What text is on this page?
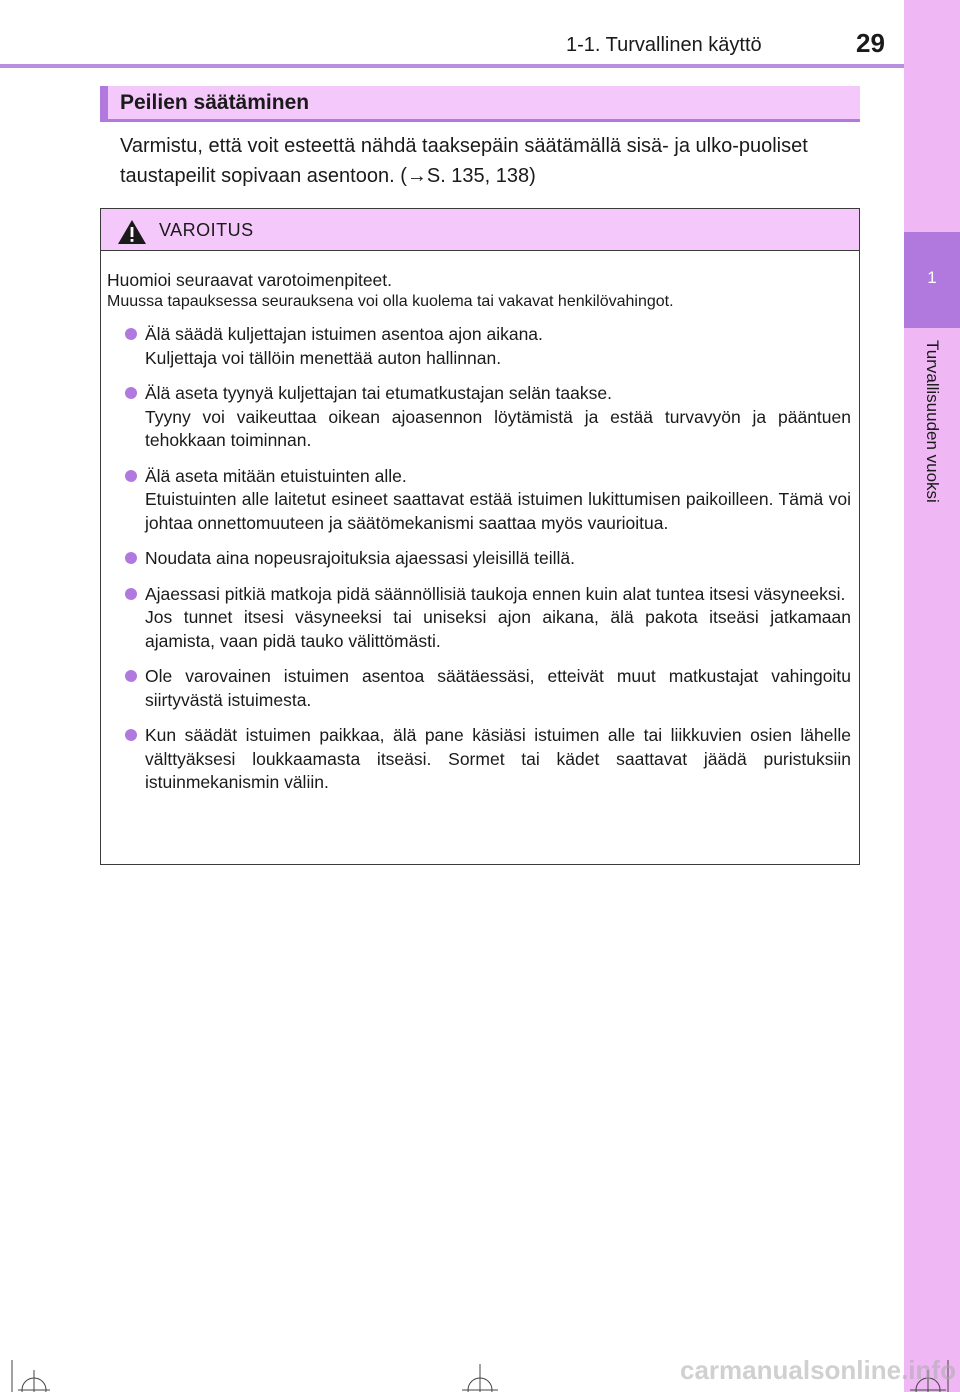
1
Turvallisuuden vuoksi
1-1. Turvallinen käyttö	29
Peilien säätäminen
Varmistu, että voit esteettä nähdä taaksepäin säätämällä sisä- ja ulko-puoliset taustapeilit sopivaan asentoon. (→S. 135, 138)
VAROITUS

Huomioi seuraavat varotoimenpiteet.

Muussa tapauksessa seurauksena voi olla kuolema tai vakavat henkilövahingot.

Älä säädä kuljettajan istuimen asentoa ajon aikana.

Kuljettaja voi tällöin menettää auton hallinnan.

Älä aseta tyynyä kuljettajan tai etumatkustajan selän taakse.

Tyyny voi vaikeuttaa oikean ajoasennon löytämistä ja estää turvavyön ja pääntuen tehokkaan toiminnan.

Älä aseta mitään etuistuinten alle.

Etuistuinten alle laitetut esineet saattavat estää istuimen lukittumisen paikoilleen. Tämä voi johtaa onnettomuuteen ja säätömekanismi saattaa myös vaurioitua.

Noudata aina nopeusrajoituksia ajaessasi yleisillä teillä.

Ajaessasi pitkiä matkoja pidä säännöllisiä taukoja ennen kuin alat tuntea itsesi väsyneeksi.

Jos tunnet itsesi väsyneeksi tai uniseksi ajon aikana, älä pakota itseäsi jatkamaan ajamista, vaan pidä tauko välittömästi.

Ole varovainen istuimen asentoa säätäessäsi, etteivät muut matkustajat vahingoitu siirtyvästä istuimesta.

Kun säädät istuimen paikkaa, älä pane käsiäsi istuimen alle tai liikkuvien osien lähelle välttyäksesi loukkaamasta itseäsi. Sormet tai kädet saattavat jäädä puristuksiin istuinmekanismin väliin.

carmanualsonline.info
